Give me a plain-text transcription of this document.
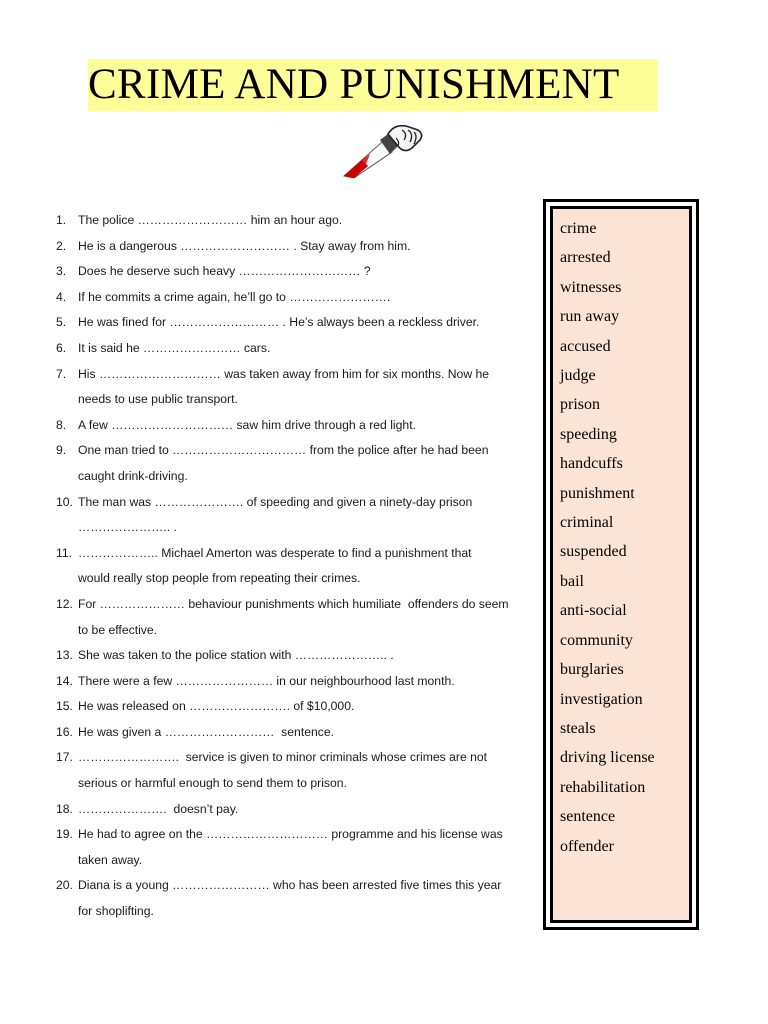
CRIME AND PUNISHMENT
1. The police ……………………… him an hour ago.
2. He is a dangerous ……………………… . Stay away from him.
3. Does he deserve such heavy ………………………… ?
4. If he commits a crime again, he’ll go to …………………….
5. He was fined for ……………………… . He’s always been a reckless driver.
6. It is said he …………………… cars.
7. His ………………………… was taken away from him for six months. Now he
needs to use public transport.
8. A few ………………………… saw him drive through a red light.
9. One man tried to …………………………… from the police after he had been
caught drink-driving.
10. The man was …………………. of speeding and given a ninety-day prison
………………….. .
11. ……………….. Michael Amerton was desperate to find a punishment that
would really stop people from repeating their crimes.
12. For ………………… behaviour punishments which humiliate  offenders do seem
to be effective.
13. She was taken to the police station with ………………….. .
14. There were a few …………………… in our neighbourhood last month.
15. He was released on ……………………. of $10,000.
16. He was given a ………………………  sentence.
17. …………………….  service is given to minor criminals whose crimes are not
serious or harmful enough to send them to prison.
18. ………………….  doesn’t pay.
19. He had to agree on the ………………………… programme and his license was
taken away.
20. Diana is a young …………………… who has been arrested five times this year
for shoplifting.
crime
arrested
witnesses
run away
accused
judge
prison
speeding
handcuffs
punishment
criminal
suspended
bail
anti-social
community
burglaries
investigation
steals
driving license
rehabilitation
sentence
offender
